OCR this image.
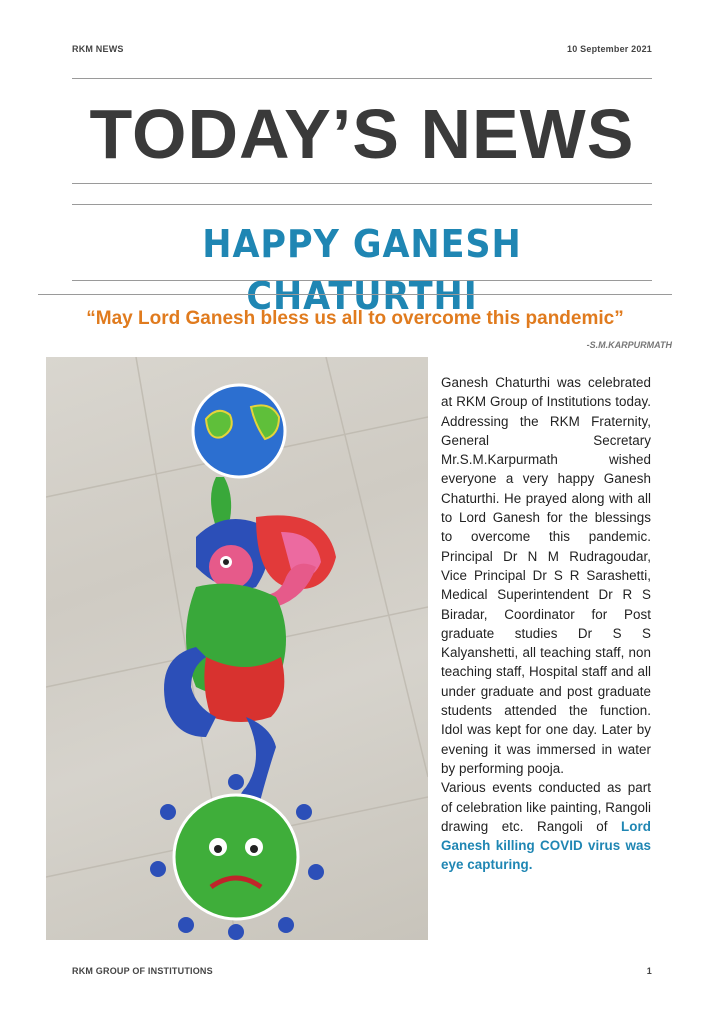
RKM NEWS	10 September 2021
TODAY’S NEWS
HAPPY GANESH CHATURTHI
“May Lord Ganesh bless us all to overcome this pandemic”
-S.M.KARPURMATH

Ganesh Chaturthi was celebrated at RKM Group of Institutions today. Addressing the RKM Fraternity, General Secretary Mr.S.M.Karpurmath wished everyone a very happy Ganesh Chaturthi. He prayed along with all to Lord Ganesh for the blessings to overcome this pandemic. Principal Dr N M Rudragoudar, Vice Principal Dr S R Sarashetti, Medical Superintendent Dr R S Biradar, Coordinator for Post graduate studies Dr S S Kalyanshetti, all teaching staff, non teaching staff, Hospital staff and all under graduate and post graduate students attended the function. Idol was kept for one day. Later by evening it was immersed in water by performing pooja.

Various events conducted as part of celebration like painting, Rangoli drawing etc. Rangoli of Lord Ganesh killing COVID virus was eye capturing.

RKM GROUP OF INSTITUTIONS	1
